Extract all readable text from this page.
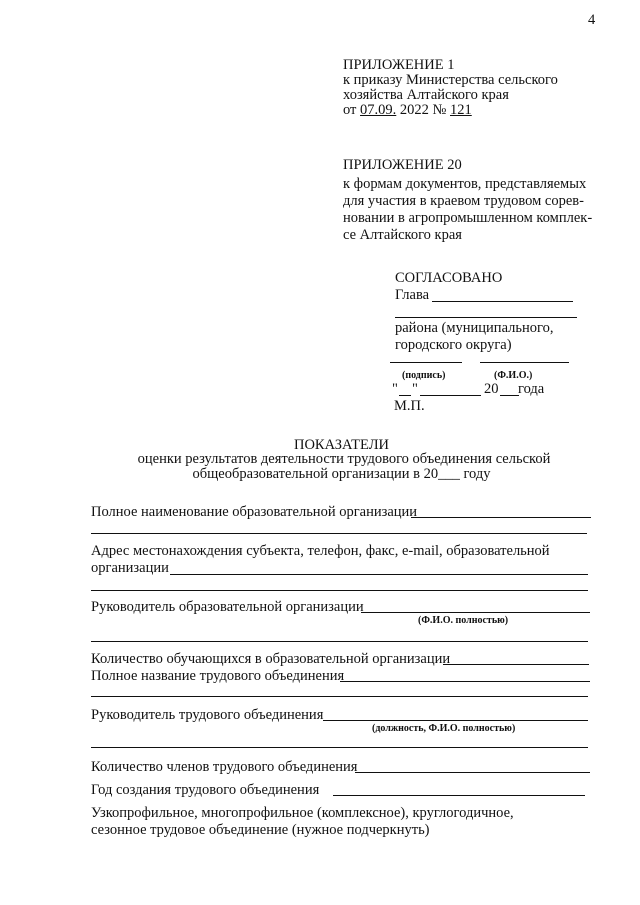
4
ПРИЛОЖЕНИЕ 1
к приказу Министерства сельского
хозяйства Алтайского края
от 07.09. 2022 № 121
ПРИЛОЖЕНИЕ 20
к формам документов, представляемых
для участия в краевом трудовом сорев-
новании в агропромышленном комплек-
се Алтайского края
СОГЛАСОВАНО
Глава
района (муниципального,
городского округа)
(подпись)	(Ф.И.О.)
" "	20 года
М.П.
ПОКАЗАТЕЛИ
оценки результатов деятельности трудового объединения сельской
общеобразовательной организации в 20___ году
Полное наименование образовательной организации
Адрес местонахождения субъекта, телефон, факс, e-mail, образовательной
организации
Руководитель образовательной организации
(Ф.И.О. полностью)
Количество обучающихся в образовательной организации
Полное название трудового объединения
Руководитель трудового объединения
(должность, Ф.И.О. полностью)
Количество членов трудового объединения
Год создания трудового объединения
Узкопрофильное, многопрофильное (комплексное), круглогодичное,
сезонное трудовое объединение (нужное подчеркнуть)
